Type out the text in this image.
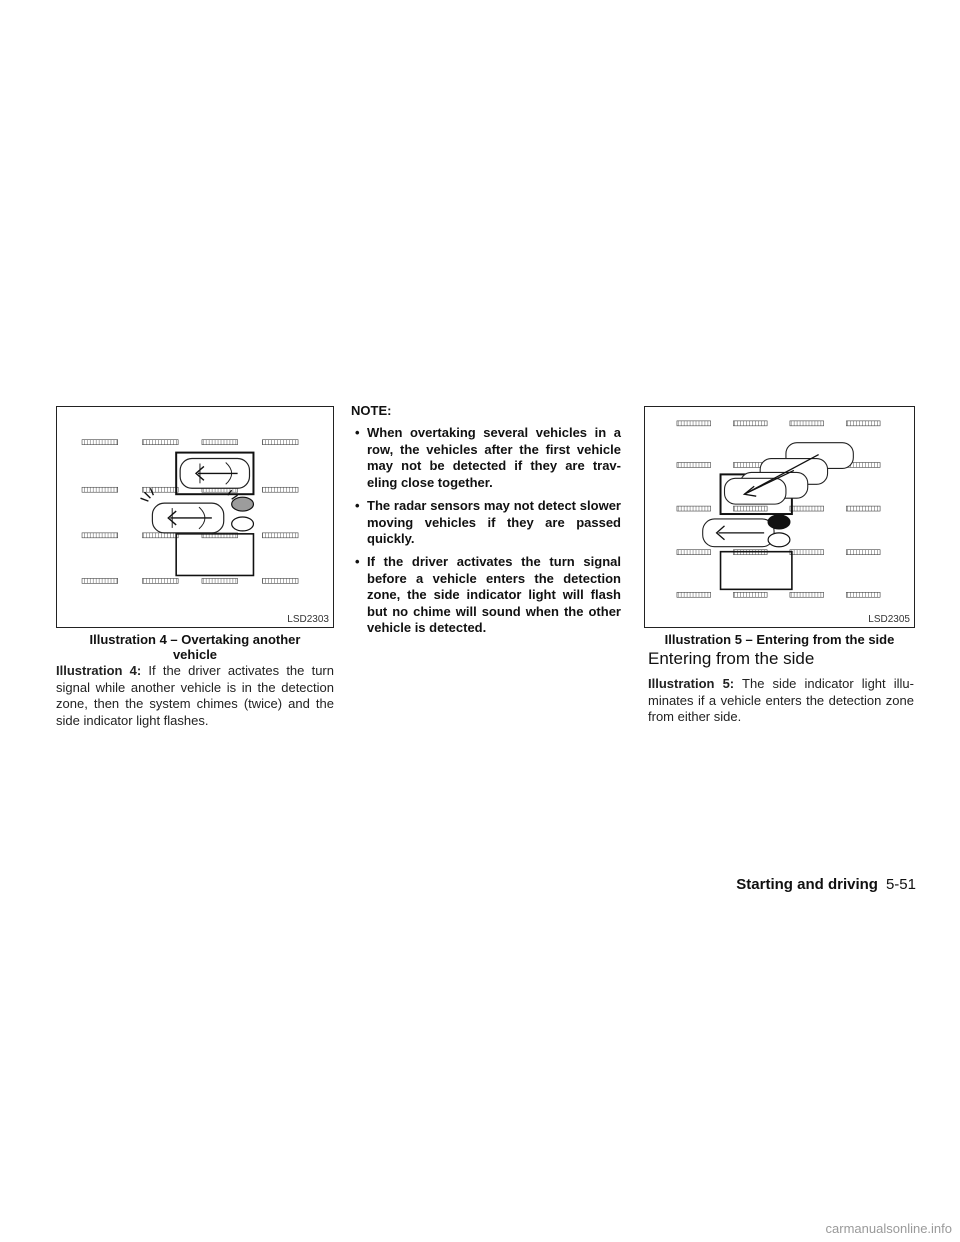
LSD2303
Illustration 4 – Overtaking another
vehicle
Illustration 4: If the driver activates the turn signal while another vehicle is in the detection zone, then the system chimes (twice) and the side indicator light flashes.
NOTE:
• When overtaking several vehicles in a row, the vehicles after the first vehicle may not be detected if they are trav- eling close together.
• The radar sensors may not detect slower moving vehicles if they are passed quickly.
• If the driver activates the turn signal before a vehicle enters the detection zone, the side indicator light will flash but no chime will sound when the other vehicle is detected.
LSD2305
Illustration 5 – Entering from the side
Entering from the side
Illustration 5: The side indicator light illu- minates if a vehicle enters the detection zone from either side.
Starting and driving 5-51
carmanualsonline.info
